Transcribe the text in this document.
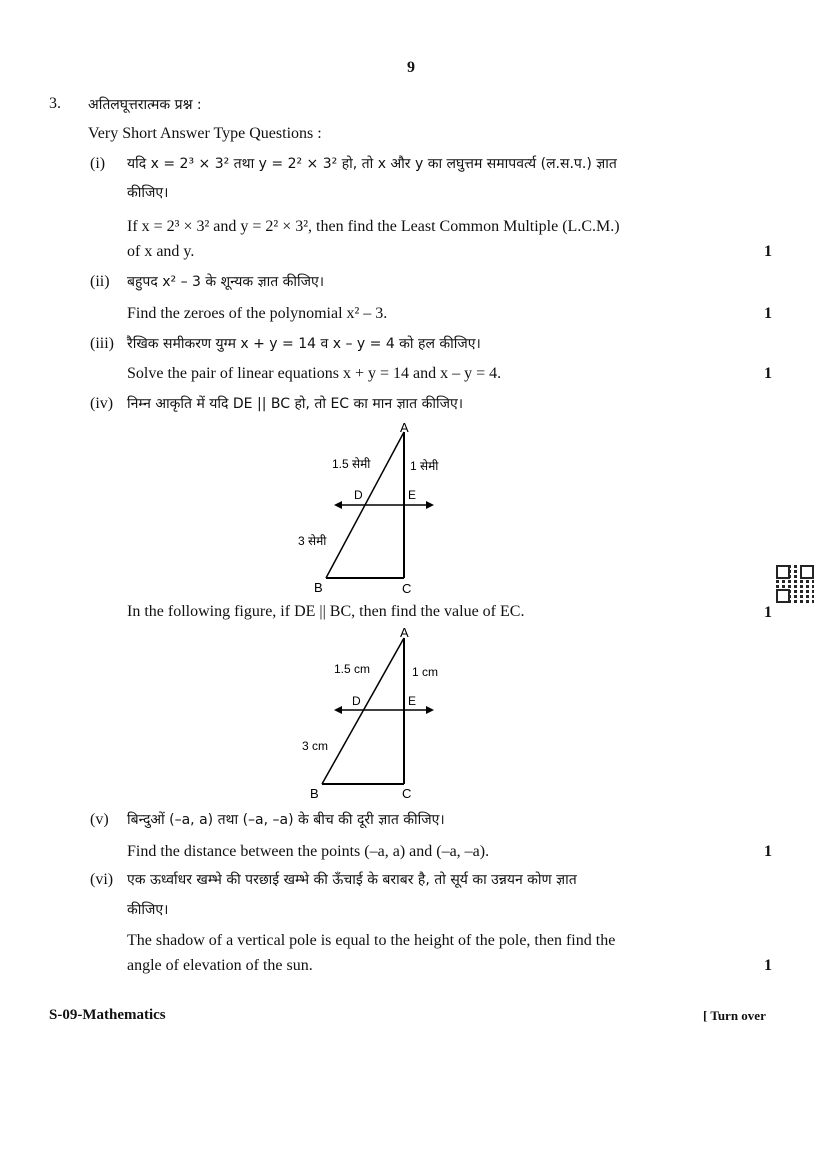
9
3. अतिलघूत्तरात्मक प्रश्न :
Very Short Answer Type Questions :
(i) यदि x = 2³ × 3² तथा y = 2² × 3² हो, तो x और y का लघुत्तम समापवर्त्य (ल.स.प.) ज्ञात
कीजिए।
If x = 2³ × 3² and y = 2² × 3², then find the Least Common Multiple (L.C.M.)
of x and y.	1
(ii) बहुपद x² – 3 के शून्यक ज्ञात कीजिए।
Find the zeroes of the polynomial x² – 3.	1
(iii) रैखिक समीकरण युग्म x + y = 14 व x – y = 4 को हल कीजिए।
Solve the pair of linear equations x + y = 14 and x – y = 4.	1
(iv) निम्न आकृति में यदि DE || BC हो, तो EC का मान ज्ञात कीजिए।
A
B	C
D	E
1.5 सेमी	1 सेमी
3 सेमी
In the following figure, if DE || BC, then find the value of EC.	1
A
B	C
D	E
1.5 cm	1 cm
3 cm
(v) बिन्दुओं (–a, a) तथा (–a, –a) के बीच की दूरी ज्ञात कीजिए।
Find the distance between the points (–a, a) and (–a, –a).	1
(vi) एक ऊर्ध्वाधर खम्भे की परछाई खम्भे की ऊँचाई के बराबर है, तो सूर्य का उन्नयन कोण ज्ञात
कीजिए।
The shadow of a vertical pole is equal to the height of the pole, then find the
angle of elevation of the sun.	1
S-09-Mathematics	[ Turn over
